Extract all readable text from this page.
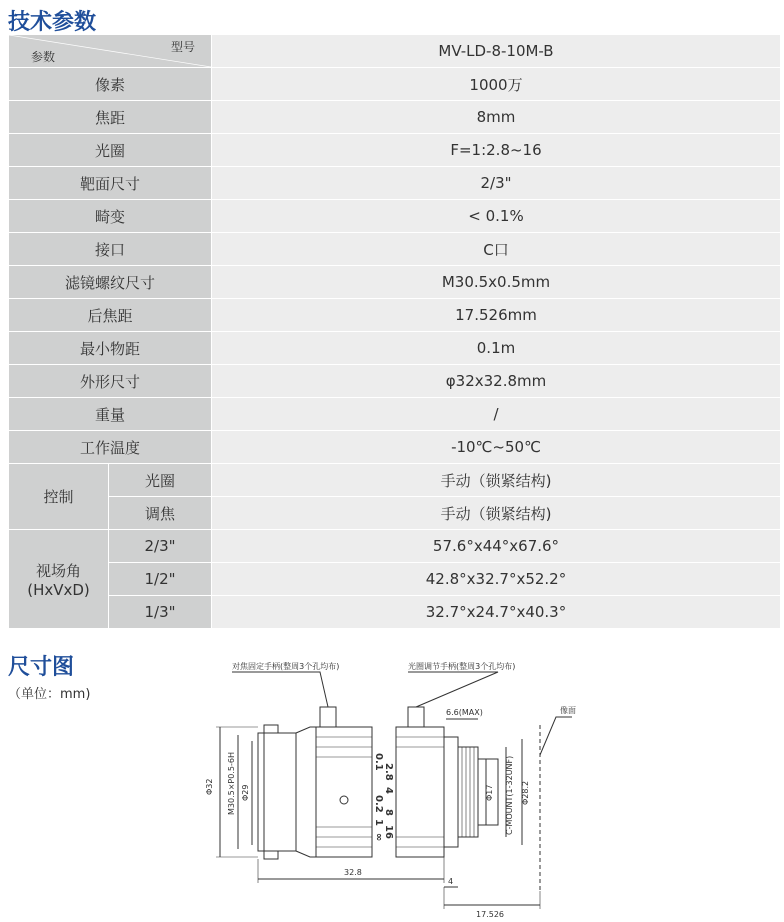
技术参数
型号
参数		MV-LD-8-10M-B
像素		1000万
焦距		8mm
光圈		F=1:2.8~16
靶面尺寸		2/3"
畸变		< 0.1%
接口		C口
滤镜螺纹尺寸		M30.5x0.5mm
后焦距		17.526mm
最小物距		0.1m
外形尺寸		φ32x32.8mm
重量		/
工作温度		-10℃~50℃
控制	光圈	手动（锁紧结构)
	调焦	手动（锁紧结构)
视场角
(HxVxD)	2/3"	57.6°x44°x67.6°
	1/2"	42.8°x32.7°x52.2°
	1/3"	32.7°x24.7°x40.3°
尺寸图
（单位：mm)
对焦固定手柄(整周3个孔均布)	光圈调节手柄(整周3个孔均布)
0.1
0.2
1
∞
2.8
4
8
16
像面
Φ32 M30.5×P0.5-6H Φ29
6.6(MAX)
Φ17 C-MOUNT(1-32UNF) Φ28.2
32.8
4
17.526
